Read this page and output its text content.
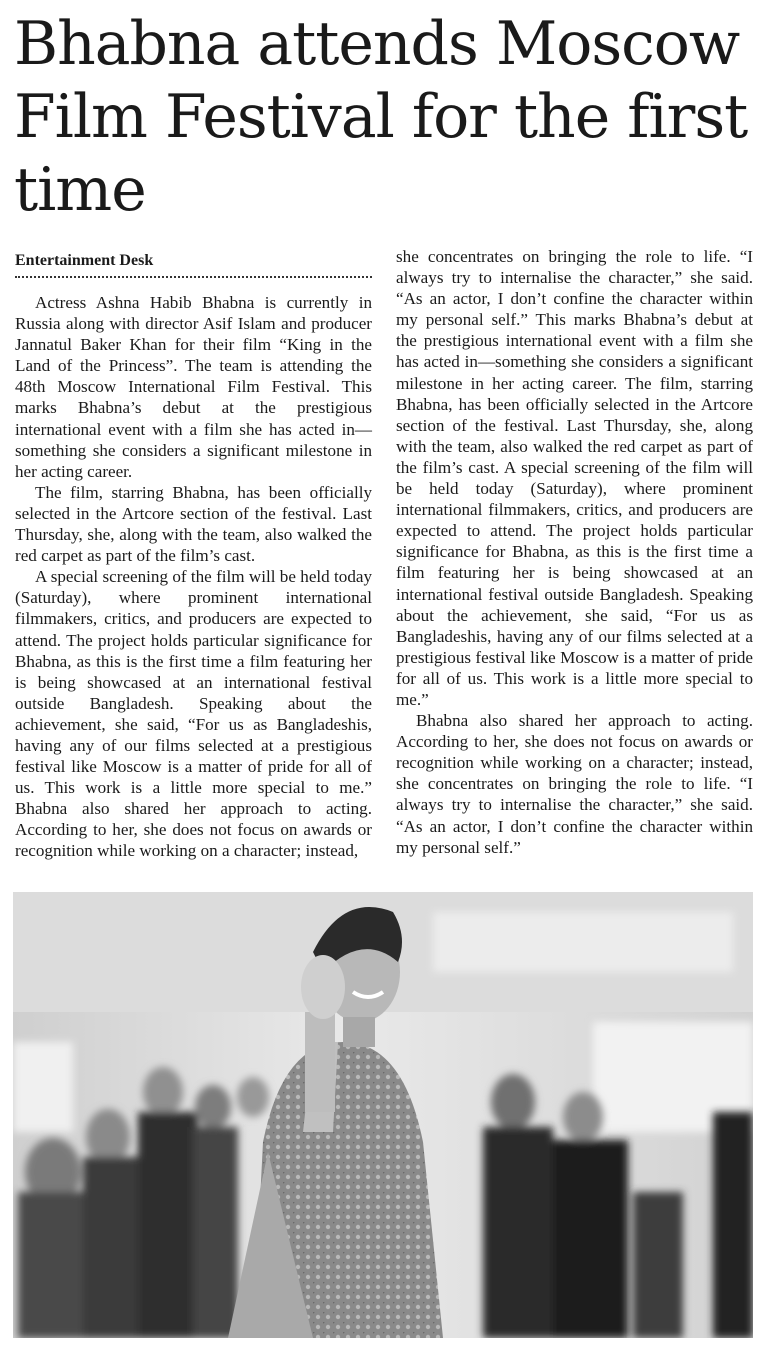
Bhabna attends Moscow Film Festival for the first time
Entertainment Desk

Actress Ashna Habib Bhabna is currently in Russia along with director Asif Islam and producer Jannatul Baker Khan for their film “King in the Land of the Princess”. The team is attending the 48th Moscow International Film Festival. This marks Bhabna’s debut at the prestigious international event with a film she has acted in—something she considers a significant milestone in her acting career.

The film, starring Bhabna, has been officially selected in the Artcore section of the festival. Last Thursday, she, along with the team, also walked the red carpet as part of the film’s cast.

A special screening of the film will be held today (Saturday), where prominent international filmmakers, critics, and producers are expected to attend. The project holds particular significance for Bhabna, as this is the first time a film featuring her is being showcased at an international festival outside Bangladesh. Speaking about the achievement, she said, “For us as Bangladeshis, having any of our films selected at a prestigious festival like Moscow is a matter of pride for all of us. This work is a little more special to me.” Bhabna also shared her approach to acting. According to her, she does not focus on awards or recognition while working on a character; instead,

she concentrates on bringing the role to life. “I always try to internalise the character,” she said. “As an actor, I don’t confine the character within my personal self.” This marks Bhabna’s debut at the prestigious international event with a film she has acted in—something she considers a significant milestone in her acting career. The film, starring Bhabna, has been officially selected in the Artcore section of the festival. Last Thursday, she, along with the team, also walked the red carpet as part of the film’s cast. A special screening of the film will be held today (Saturday), where prominent international filmmakers, critics, and producers are expected to attend. The project holds particular significance for Bhabna, as this is the first time a film featuring her is being showcased at an international festival outside Bangladesh. Speaking about the achievement, she said, “For us as Bangladeshis, having any of our films selected at a prestigious festival like Moscow is a matter of pride for all of us. This work is a little more special to me.”

Bhabna also shared her approach to acting. According to her, she does not focus on awards or recognition while working on a character; instead, she concentrates on bringing the role to life. “I always try to internalise the character,” she said. “As an actor, I don’t confine the character within my personal self.”
